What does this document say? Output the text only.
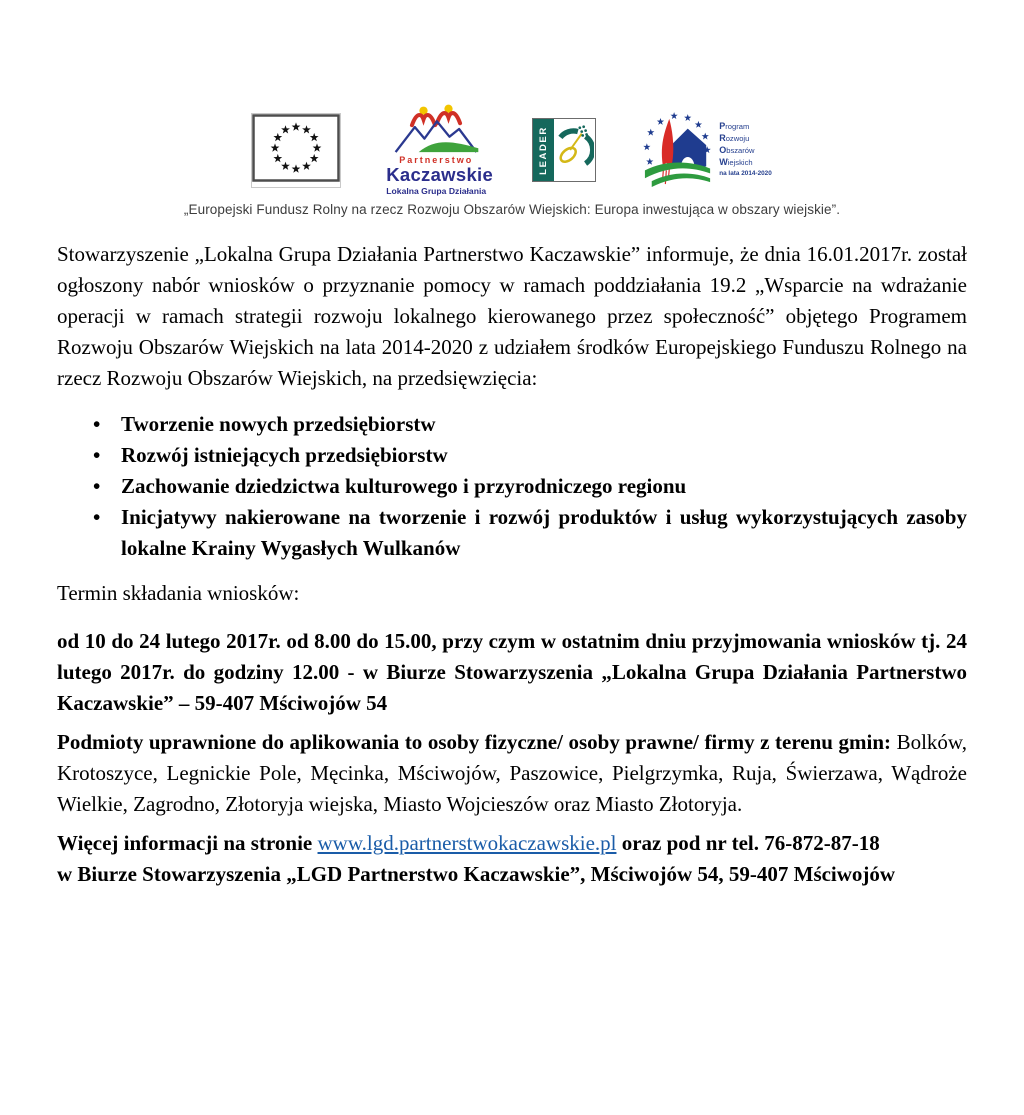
Partnerstwo
Kaczawskie
Lokalna Grupa Działania
LEADER	Program
Rozwoju
Obszarów
Wiejskich
na lata 2014-2020
„Europejski Fundusz Rolny na rzecz Rozwoju Obszarów Wiejskich: Europa inwestująca w obszary wiejskie”.

Stowarzyszenie „Lokalna Grupa Działania Partnerstwo Kaczawskie” informuje, że dnia 16.01.2017r. został ogłoszony nabór wniosków o przyznanie pomocy w ramach poddziałania 19.2 „Wsparcie na wdrażanie operacji w ramach strategii rozwoju lokalnego kierowanego przez społeczność” objętego Programem Rozwoju Obszarów Wiejskich na lata 2014-2020 z udziałem środków Europejskiego Funduszu Rolnego na rzecz Rozwoju Obszarów Wiejskich, na przedsięwzięcia:

• Tworzenie nowych przedsiębiorstw
• Rozwój istniejących przedsiębiorstw
• Zachowanie dziedzictwa kulturowego i przyrodniczego regionu
• Inicjatywy nakierowane na tworzenie i rozwój produktów i usług wykorzystujących zasoby lokalne Krainy Wygasłych Wulkanów

Termin składania wniosków:

od 10 do 24 lutego 2017r. od 8.00 do 15.00, przy czym w ostatnim dniu przyjmowania wniosków tj. 24 lutego 2017r. do godziny 12.00 - w Biurze Stowarzyszenia „Lokalna Grupa Działania Partnerstwo Kaczawskie” – 59-407 Mściwojów 54

Podmioty uprawnione do aplikowania to osoby fizyczne/ osoby prawne/ firmy z terenu gmin: Bolków, Krotoszyce, Legnickie Pole, Męcinka, Mściwojów, Paszowice, Pielgrzymka, Ruja, Świerzawa, Wądroże Wielkie, Zagrodno, Złotoryja wiejska, Miasto Wojcieszów oraz Miasto Złotoryja.

Więcej informacji na stronie www.lgd.partnerstwokaczawskie.pl oraz pod nr tel. 76-872-87-18
w Biurze Stowarzyszenia „LGD Partnerstwo Kaczawskie”, Mściwojów 54, 59-407 Mściwojów
